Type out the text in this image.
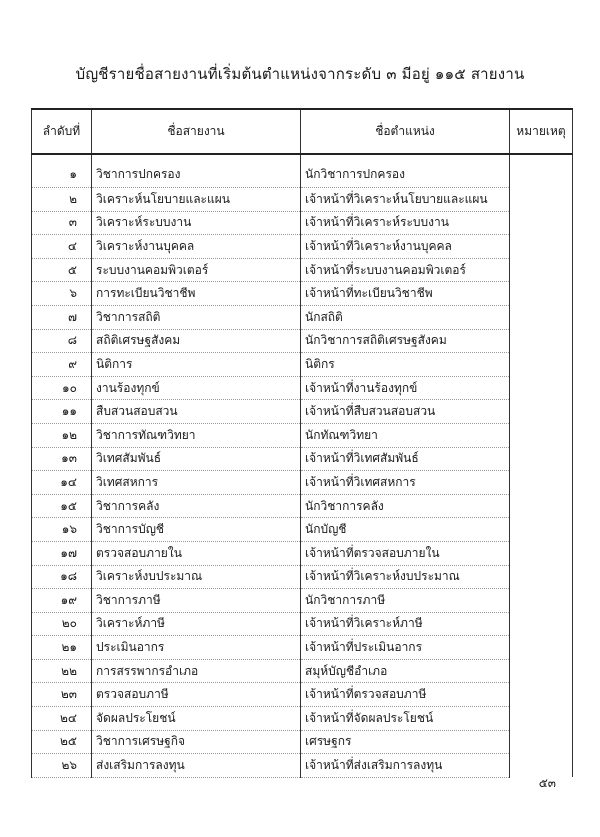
บัญชีรายชื่อสายงานที่เริ่มต้นตำแหน่งจากระดับ ๓ มีอยู่ ๑๑๕ สายงาน
ลำดับที่	ชื่อสายงาน	ชื่อตำแหน่ง	หมายเหตุ
๑	วิชาการปกครอง	นักวิชาการปกครอง	
๒	วิเคราะห์นโยบายและแผน	เจ้าหน้าที่วิเคราะห์นโยบายและแผน	
๓	วิเคราะห์ระบบงาน	เจ้าหน้าที่วิเคราะห์ระบบงาน	
๔	วิเคราะห์งานบุคคล	เจ้าหน้าที่วิเคราะห์งานบุคคล	
๕	ระบบงานคอมพิวเตอร์	เจ้าหน้าที่ระบบงานคอมพิวเตอร์	
๖	การทะเบียนวิชาชีพ	เจ้าหน้าที่ทะเบียนวิชาชีพ	
๗	วิชาการสถิติ	นักสถิติ	
๘	สถิติเศรษฐสังคม	นักวิชาการสถิติเศรษฐสังคม	
๙	นิติการ	นิติกร	
๑๐	งานร้องทุกข์	เจ้าหน้าที่งานร้องทุกข์	
๑๑	สืบสวนสอบสวน	เจ้าหน้าที่สืบสวนสอบสวน	
๑๒	วิชาการทัณฑวิทยา	นักทัณฑวิทยา	
๑๓	วิเทศสัมพันธ์	เจ้าหน้าที่วิเทศสัมพันธ์	
๑๔	วิเทศสหการ	เจ้าหน้าที่วิเทศสหการ	
๑๕	วิชาการคลัง	นักวิชาการคลัง	
๑๖	วิชาการบัญชี	นักบัญชี	
๑๗	ตรวจสอบภายใน	เจ้าหน้าที่ตรวจสอบภายใน	
๑๘	วิเคราะห์งบประมาณ	เจ้าหน้าที่วิเคราะห์งบประมาณ	
๑๙	วิชาการภาษี	นักวิชาการภาษี	
๒๐	วิเคราะห์ภาษี	เจ้าหน้าที่วิเคราะห์ภาษี	
๒๑	ประเมินอากร	เจ้าหน้าที่ประเมินอากร	
๒๒	การสรรพากรอำเภอ	สมุห์บัญชีอำเภอ	
๒๓	ตรวจสอบภาษี	เจ้าหน้าที่ตรวจสอบภาษี	
๒๔	จัดผลประโยชน์	เจ้าหน้าที่จัดผลประโยชน์	
๒๕	วิชาการเศรษฐกิจ	เศรษฐกร	
๒๖	ส่งเสริมการลงทุน	เจ้าหน้าที่ส่งเสริมการลงทุน	
๕๓
